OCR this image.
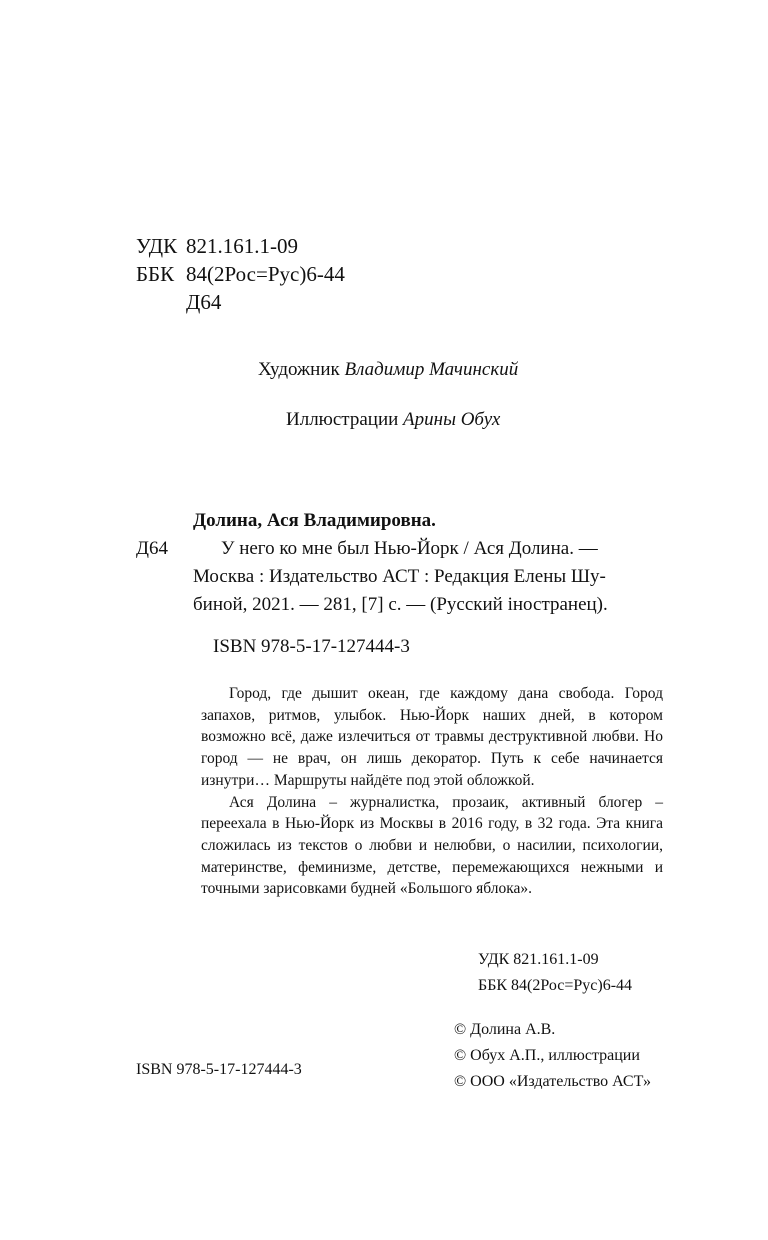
УДК 821.161.1-09
ББК 84(2Рос=Рус)6-44
Д64
Художник Владимир Мачинский
Иллюстрации Арины Обух
Долина, Ася Владимировна.
Д64	У него ко мне был Нью-Йорк / Ася Долина. —
Москва : Издательство АСТ : Редакция Елены Шу-
биной, 2021. — 281, [7] с. — (Русский іностранец).
ISBN 978-5-17-127444-3

Город, где дышит океан, где каждому дана свобода. Город запахов, ритмов, улыбок. Нью-Йорк наших дней, в котором возможно всё, даже излечиться от травмы деструктивной любви. Но город — не врач, он лишь декоратор. Путь к себе начинается изнутри… Маршруты найдёте под этой обложкой.

Ася Долина – журналистка, прозаик, активный блогер – переехала в Нью-Йорк из Москвы в 2016 году, в 32 года. Эта книга сложилась из текстов о любви и нелюбви, о насилии, психологии, материнстве, феминизме, детстве, перемежающихся нежными и точными зарисовками будней «Большого яблока».

УДК 821.161.1-09
ББК 84(2Рос=Рус)6-44
© Долина А.В.
© Обух А.П., иллюстрации
© ООО «Издательство АСТ»
ISBN 978-5-17-127444-3
